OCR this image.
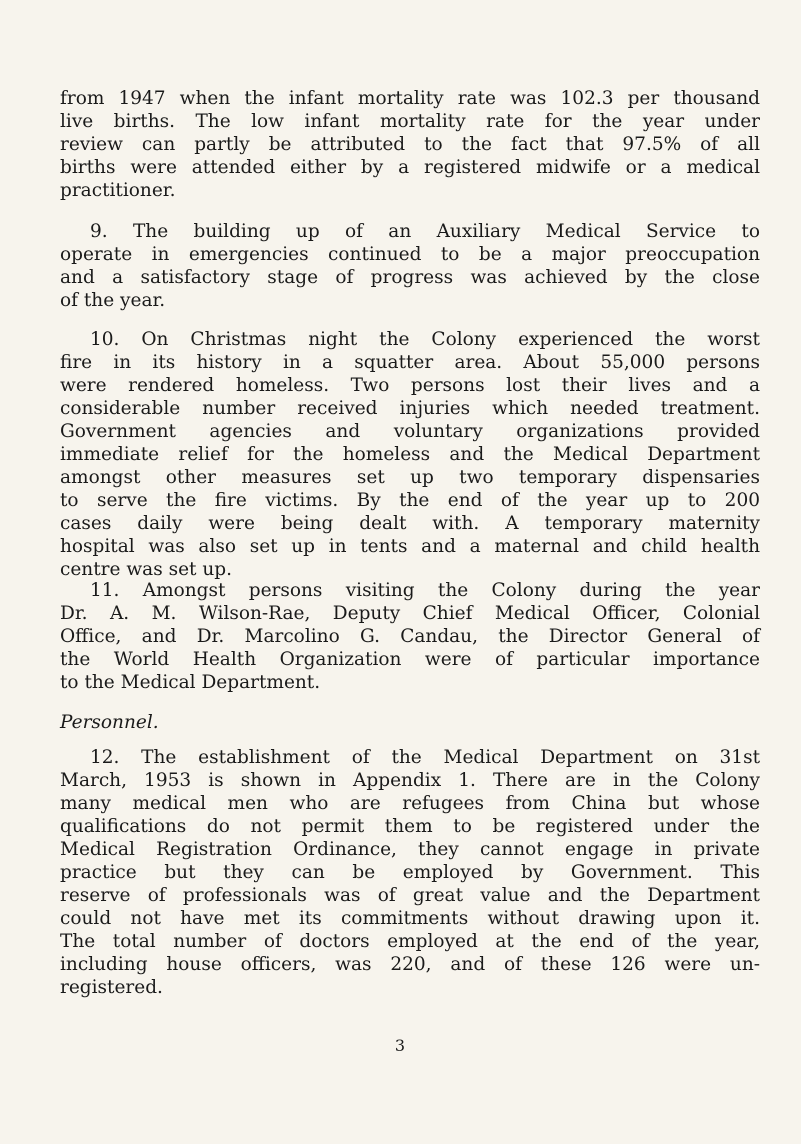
from 1947 when the infant mortality rate was 102.3 per thousand
live births. The low infant mortality rate for the year under
review can partly be attributed to the fact that 97.5% of all
births were attended either by a registered midwife or a medical
practitioner.
9. The building up of an Auxiliary Medical Service to
operate in emergencies continued to be a major preoccupation
and a satisfactory stage of progress was achieved by the close
of the year.
10. On Christmas night the Colony experienced the worst
fire in its history in a squatter area. About 55,000 persons
were rendered homeless. Two persons lost their lives and a
considerable number received injuries which needed treatment.
Government agencies and voluntary organizations provided
immediate relief for the homeless and the Medical Department
amongst other measures set up two temporary dispensaries
to serve the fire victims. By the end of the year up to 200
cases daily were being dealt with. A temporary maternity
hospital was also set up in tents and a maternal and child health
centre was set up.
11. Amongst persons visiting the Colony during the year
Dr. A. M. Wilson-Rae, Deputy Chief Medical Officer, Colonial
Office, and Dr. Marcolino G. Candau, the Director General of
the World Health Organization were of particular importance
to the Medical Department.
Personnel.
12. The establishment of the Medical Department on 31st
March, 1953 is shown in Appendix 1. There are in the Colony
many medical men who are refugees from China but whose
qualifications do not permit them to be registered under the
Medical Registration Ordinance, they cannot engage in private
practice but they can be employed by Government. This
reserve of professionals was of great value and the Department
could not have met its commitments without drawing upon it.
The total number of doctors employed at the end of the year,
including house officers, was 220, and of these 126 were un-
registered.
3
